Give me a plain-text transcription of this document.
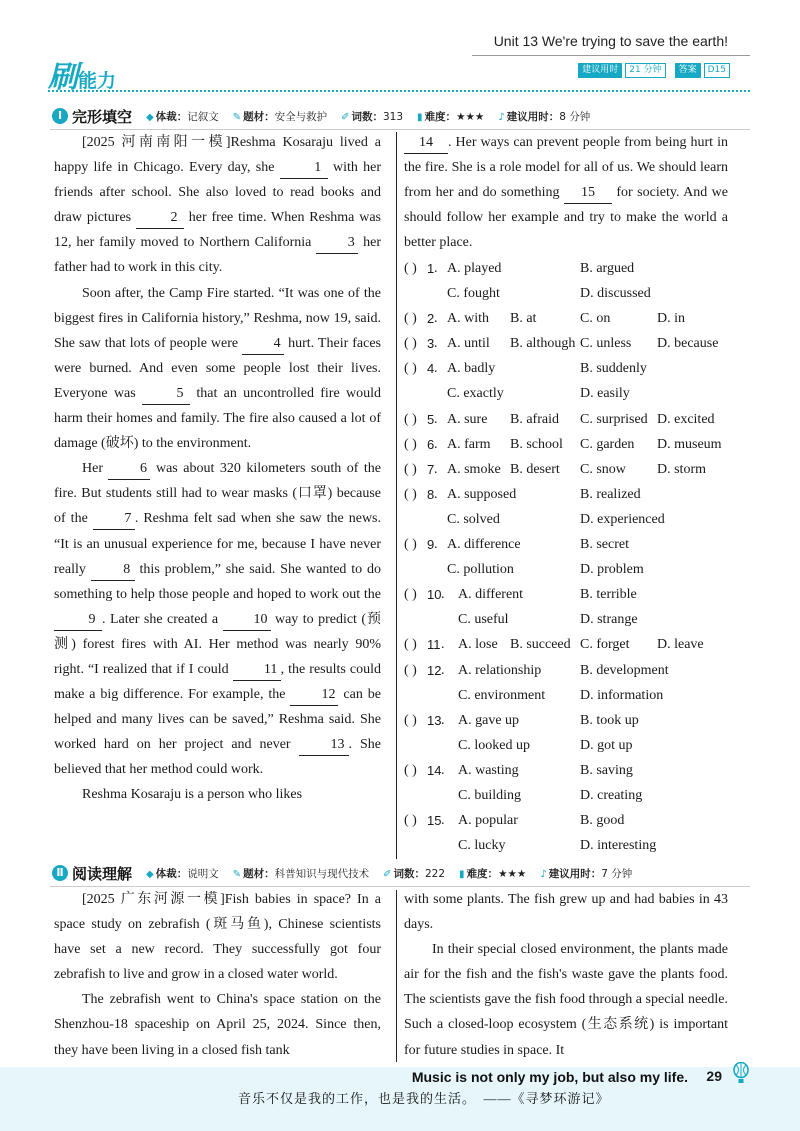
刷能力
Unit 13 We're trying to save the earth!
建议用时	21 分钟	答案	D15
Ⅰ 完形填空 ◆ 体裁：记叙文 ✎ 题材：安全与救护 ✐ 词数：313 ▮ 难度：★★★ ♪ 建议用时：8 分钟

[2025 河南南阳一模]Reshma Kosaraju lived a happy life in Chicago. Every day, she 1 with her friends after school. She also loved to read books and draw pictures 2 her free time. When Reshma was 12, her family moved to Northern California 3 her father had to work in this city.

Soon after, the Camp Fire started. “It was one of the biggest fires in California history,” Reshma, now 19, said. She saw that lots of people were 4 hurt. Their faces were burned. And even some people lost their lives. Everyone was 5 that an uncontrolled fire would harm their homes and family. The fire also caused a lot of damage (破坏) to the environment.

Her 6 was about 320 kilometers south of the fire. But students still had to wear masks (口罩) because of the 7 . Reshma felt sad when she saw the news. “It is an unusual experience for me, because I have never really 8 this problem,” she said. She wanted to do something to help those people and hoped to work out the 9 . Later she created a 10 way to predict (预测) forest fires with AI. Her method was nearly 90% right. “I realized that if I could 11 , the results could make a big difference. For example, the 12 can be helped and many lives can be saved,” Reshma said. She worked hard on her project and never 13 . She believed that her method could work.

Reshma Kosaraju is a person who likes

14 . Her ways can prevent people from being hurt in the fire. She is a role model for all of us. We should learn from her and do something 15 for society. And we should follow her example and try to make the world a better place.

( ) 1 . A. played	B. argued
C. fought	D. discussed
( ) 2 . A. with B. at	C. on	D. in
( ) 3 . A. until B. although C. unless D. because
( ) 4 . A. badly	B. suddenly
C. exactly	D. easily
( ) 5 . A. sure B. afraid C. surprised D. excited
( ) 6 . A. farm B. school C. garden D. museum
( ) 7 . A. smoke B. desert C. snow D. storm
( ) 8 . A. supposed	B. realized
C. solved	D. experienced
( ) 9 . A. difference	B. secret
C. pollution	D. problem
( ) 10 . A. different	B. terrible
C. useful	D. strange
( ) 11 . A. lose B. succeed C. forget D. leave
( ) 12 . A. relationship	B. development
C. environment D. information
( ) 13 . A. gave up	B. took up
C. looked up	D. got up
( ) 14 . A. wasting	B. saving
C. building	D. creating
( ) 15 . A. popular	B. good
C. lucky	D. interesting
Ⅱ 阅读理解 ◆ 体裁：说明文 ✎ 题材：科普知识与现代技术 ✐ 词数：222 ▮ 难度：★★★ ♪ 建议用时：7 分钟

[2025 广东河源一模]Fish babies in space? In a space study on zebrafish (斑马鱼), Chinese scientists have set a new record. They successfully got four zebrafish to live and grow in a closed water world.

The zebrafish went to China's space station on the Shenzhou-18 spaceship on April 25, 2024. Since then, they have been living in a closed fish tank

with some plants. The fish grew up and had babies in 43 days.

In their special closed environment, the plants made air for the fish and the fish's waste gave the plants food. The scientists gave the fish food through a special needle. Such a closed-loop ecosystem (生态系统) is important for future studies in space. It

Music is not only my job, but also my life. 29
音乐不仅是我的工作，也是我的生活。　——《寻梦环游记》
